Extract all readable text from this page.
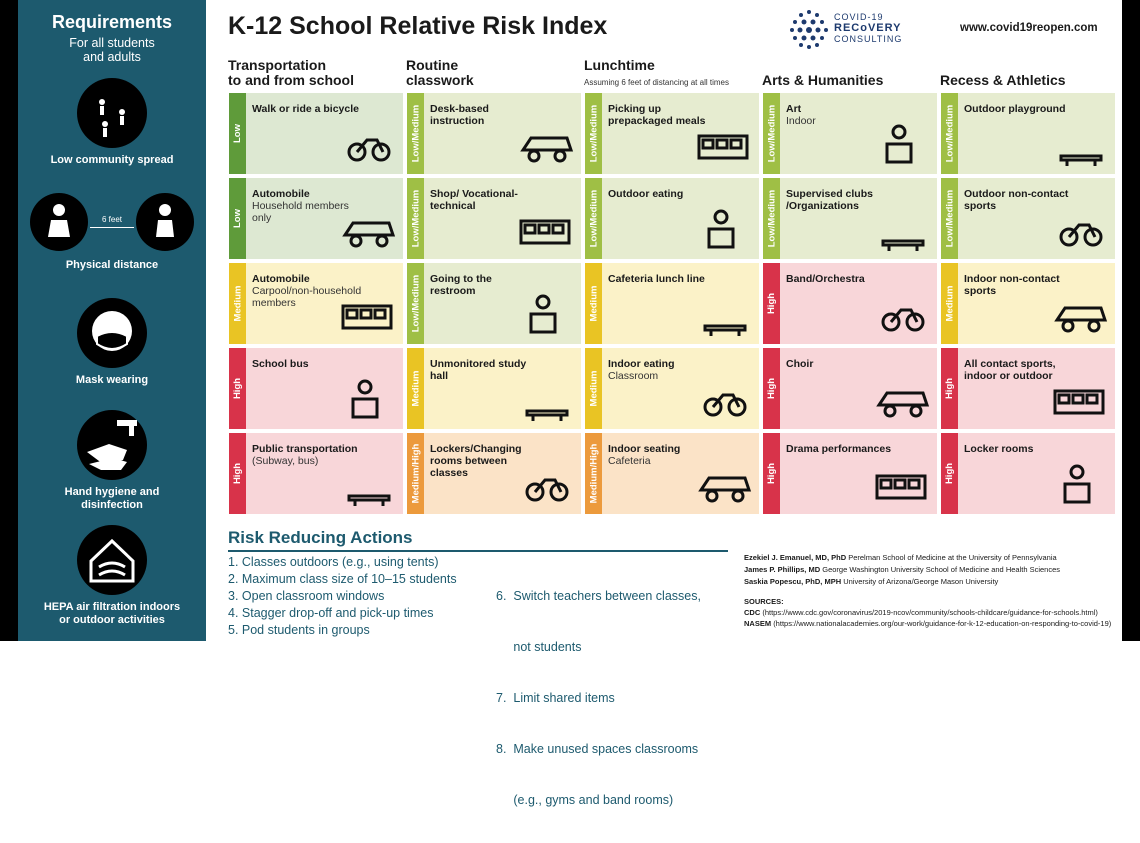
Requirements
For all students
and adults
Low community spread
6 feet
Physical distance
Mask wearing
Hand hygiene and
disinfection
HEPA air filtration indoors
or outdoor activities
K-12 School Relative Risk Index	COVID-19
RECoVERY
CONSULTING
www.covid19reopen.com
Transportation
to and from school
Routine
classwork
Lunchtime
Assuming 6 feet of distancing at all times Arts & Humanities	Recess & Athletics
Low
Walk or ride a bicycle
Low
Automobile
Household members only
Medium
Automobile
Carpool/non-household members
High
School bus
High
Public transportation
(Subway, bus)
Low/Medium Desk-based instruction
Low/Medium Shop/ Vocational-technical
Low/Medium Going to the restroom
Medium
Unmonitored study hall
Medium/High Lockers/Changing rooms between classes
Low/Medium Picking up prepackaged meals
Low/Medium Outdoor eating
Medium
Cafeteria lunch line
Medium
Indoor eating
Classroom
Medium/High Indoor seating
Cafeteria
Low/Medium Art
Indoor
Low/Medium Supervised clubs /Organizations
High
Band/Orchestra
High
Choir
High
Drama performances
Low/Medium Outdoor playground
Low/Medium Outdoor non-contact sports
Medium
Indoor non-contact sports
High
All contact sports, indoor or outdoor
High
Locker rooms
Risk Reducing Actions
1. Classes outdoors (e.g., using tents)
2. Maximum class size of 10–15 students
3. Open classroom windows
4. Stagger drop-off and pick-up times
5. Pod students in groups

6.  Switch teachers between classes,

not students

7.  Limit shared items

8.  Make unused spaces classrooms

(e.g., gyms and band rooms)

Ezekiel J. Emanuel, MD, PhD Perelman School of Medicine at the University of Pennsylvania
James P. Phillips, MD George Washington University School of Medicine and Health Sciences
Saskia Popescu, PhD, MPH University of Arizona/George Mason University
SOURCES:
CDC (https://www.cdc.gov/coronavirus/2019-ncov/community/schools-childcare/guidance-for-schools.html)
NASEM (https://www.nationalacademies.org/our-work/guidance-for-k-12-education-on-responding-to-covid-19)
